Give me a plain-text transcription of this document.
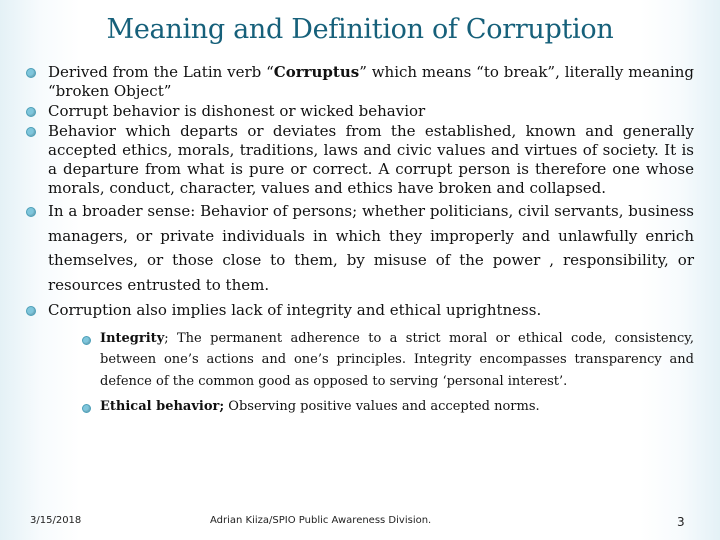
Meaning and Definition of Corruption
Derived from the Latin verb “Corruptus” which means “to break”, literally meaning “broken Object”
Corrupt behavior is dishonest or wicked behavior
Behavior which departs or deviates from the established, known and generally accepted ethics, morals, traditions, laws and civic values and virtues of society. It is a departure from what is pure or correct. A corrupt person is therefore one whose morals, conduct, character, values and ethics have broken and collapsed.
In a broader sense: Behavior of persons; whether politicians, civil servants, business managers, or private individuals in which they improperly and unlawfully enrich themselves, or those close to them, by misuse of the power , responsibility, or resources entrusted to them.
Corruption also implies lack of integrity and ethical uprightness.
Integrity; The permanent adherence to a strict moral or ethical code, consistency, between one’s actions and one’s principles. Integrity encompasses transparency and defence of the common good as opposed to serving ‘personal interest’.
Ethical behavior; Observing positive values and accepted norms.
3/15/2018	Adrian Kiiza/SPIO Public Awareness Division.	3
